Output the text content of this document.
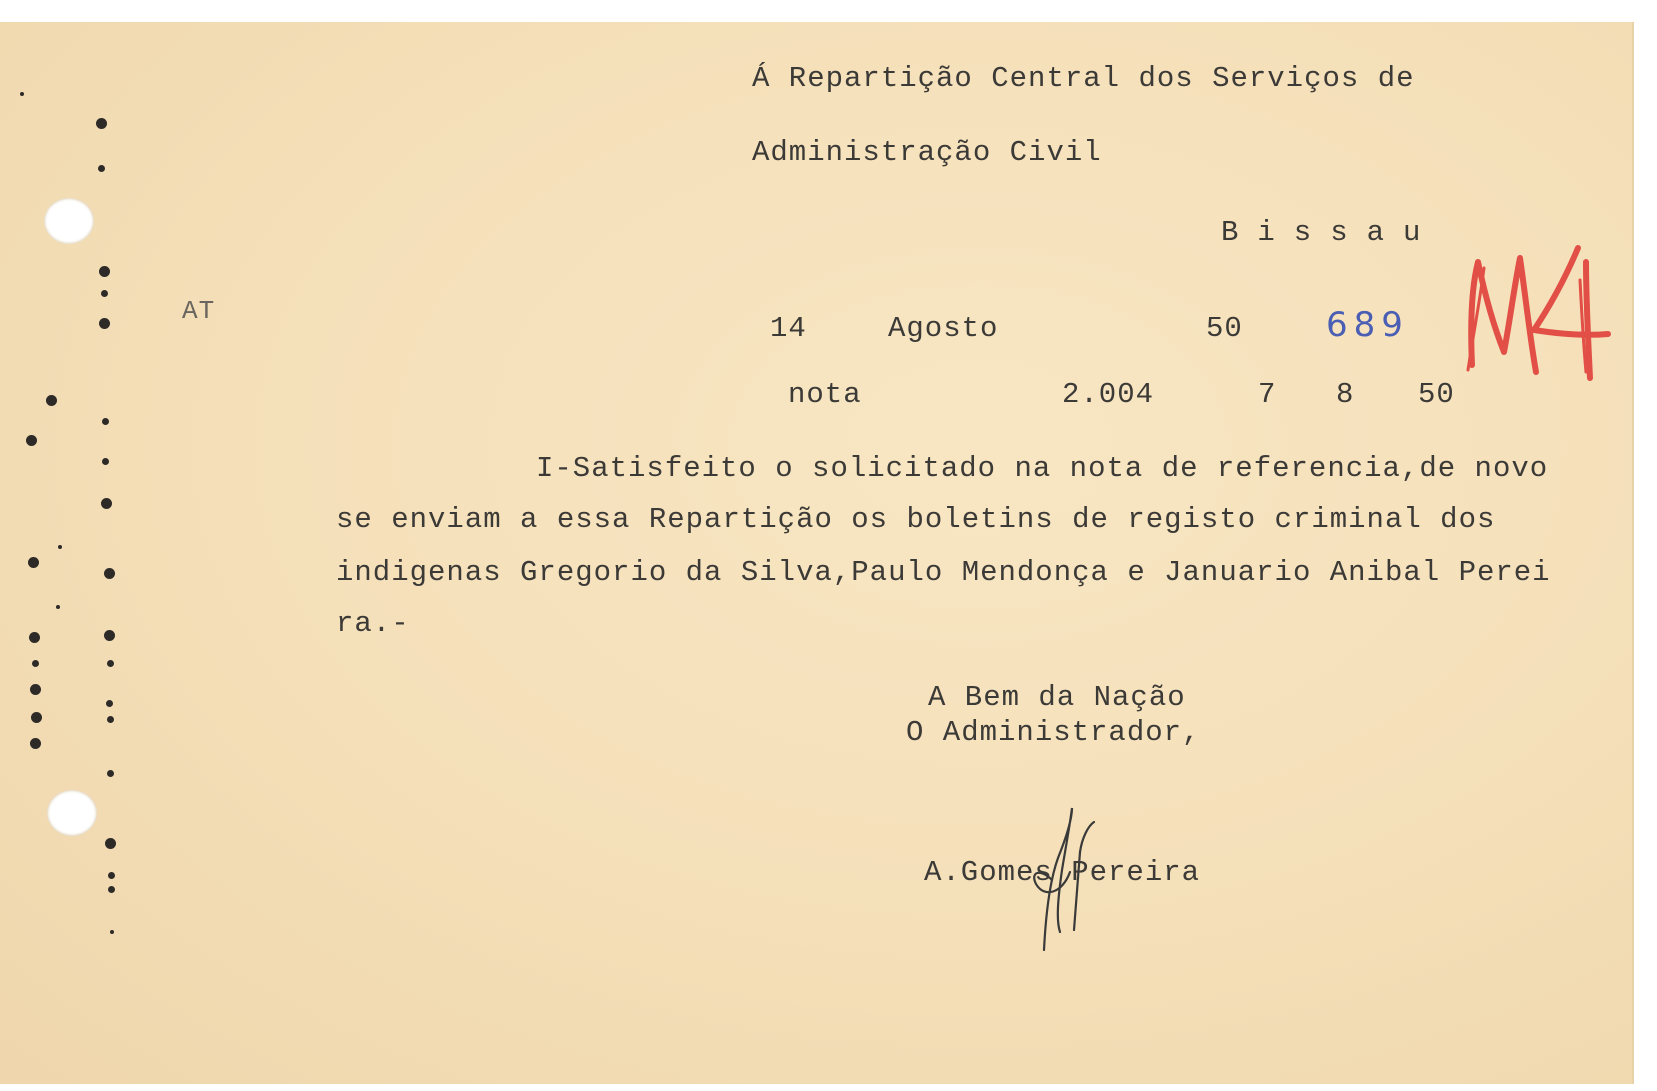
Á Repartição Central dos Serviços de
Administração Civil
Bissau
AT
14	Agosto	50 689
nota	2.004	7 8 50
I-Satisfeito o solicitado na nota de referencia,de novo
se enviam a essa Repartição os boletins de registo criminal dos
indigenas Gregorio da Silva,Paulo Mendonça e Januario Anibal Perei
ra.-
A Bem da Nação
O Administrador,
A.Gomes Pereira
